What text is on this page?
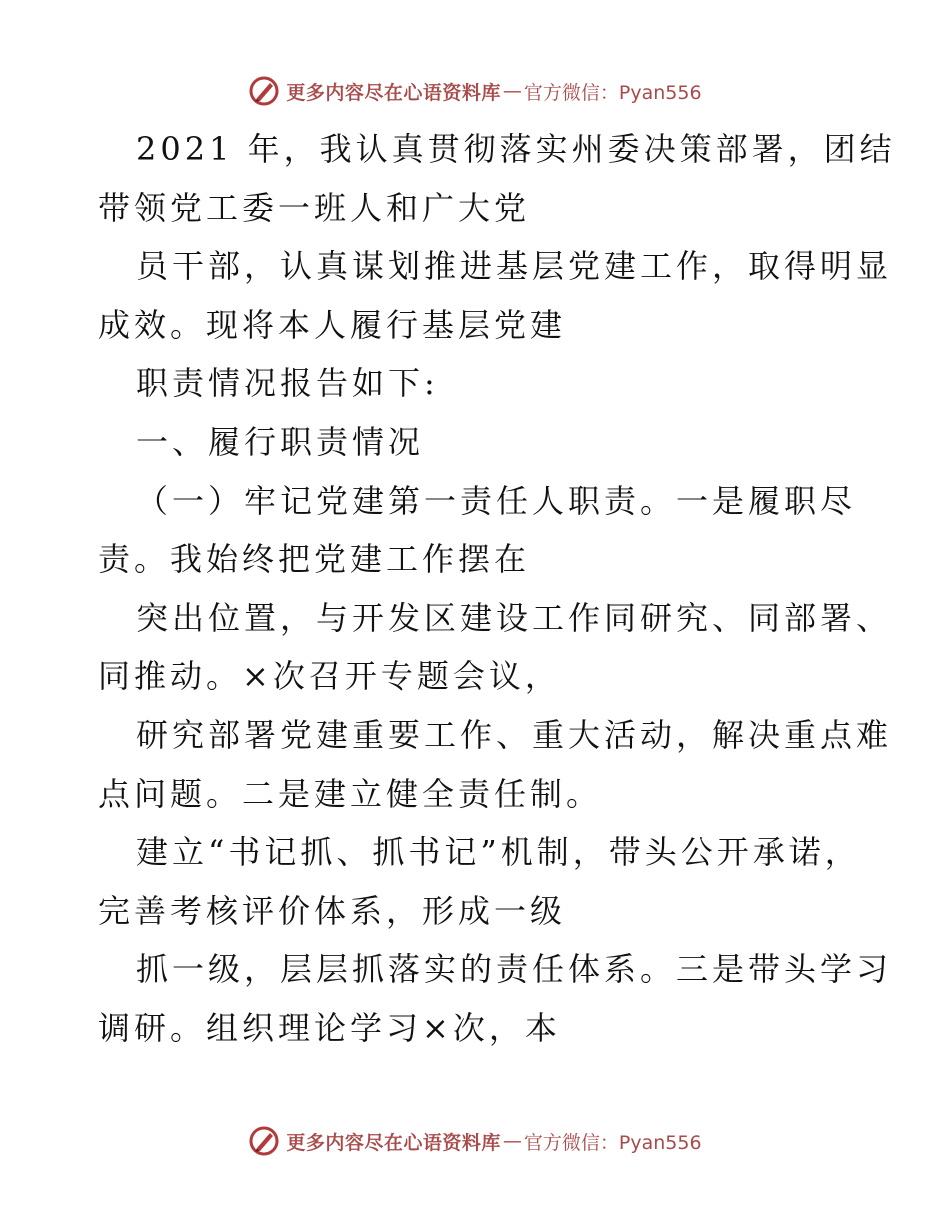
更多内容尽在心语资料库 — 官方微信：Pyan556
2021 年，我认真贯彻落实州委决策部署，团结
带领党工委一班人和广大党
员干部，认真谋划推进基层党建工作，取得明显
成效。现将本人履行基层党建
职责情况报告如下:
一、履行职责情况
（一）牢记党建第一责任人职责。一是履职尽
责。我始终把党建工作摆在
突出位置，与开发区建设工作同研究、同部署、
同推动。×次召开专题会议，
研究部署党建重要工作、重大活动，解决重点难
点问题。二是建立健全责任制。
建立“书记抓、抓书记”机制，带头公开承诺，
完善考核评价体系，形成一级
抓一级，层层抓落实的责任体系。三是带头学习
调研。组织理论学习×次，本
更多内容尽在心语资料库 — 官方微信：Pyan556
